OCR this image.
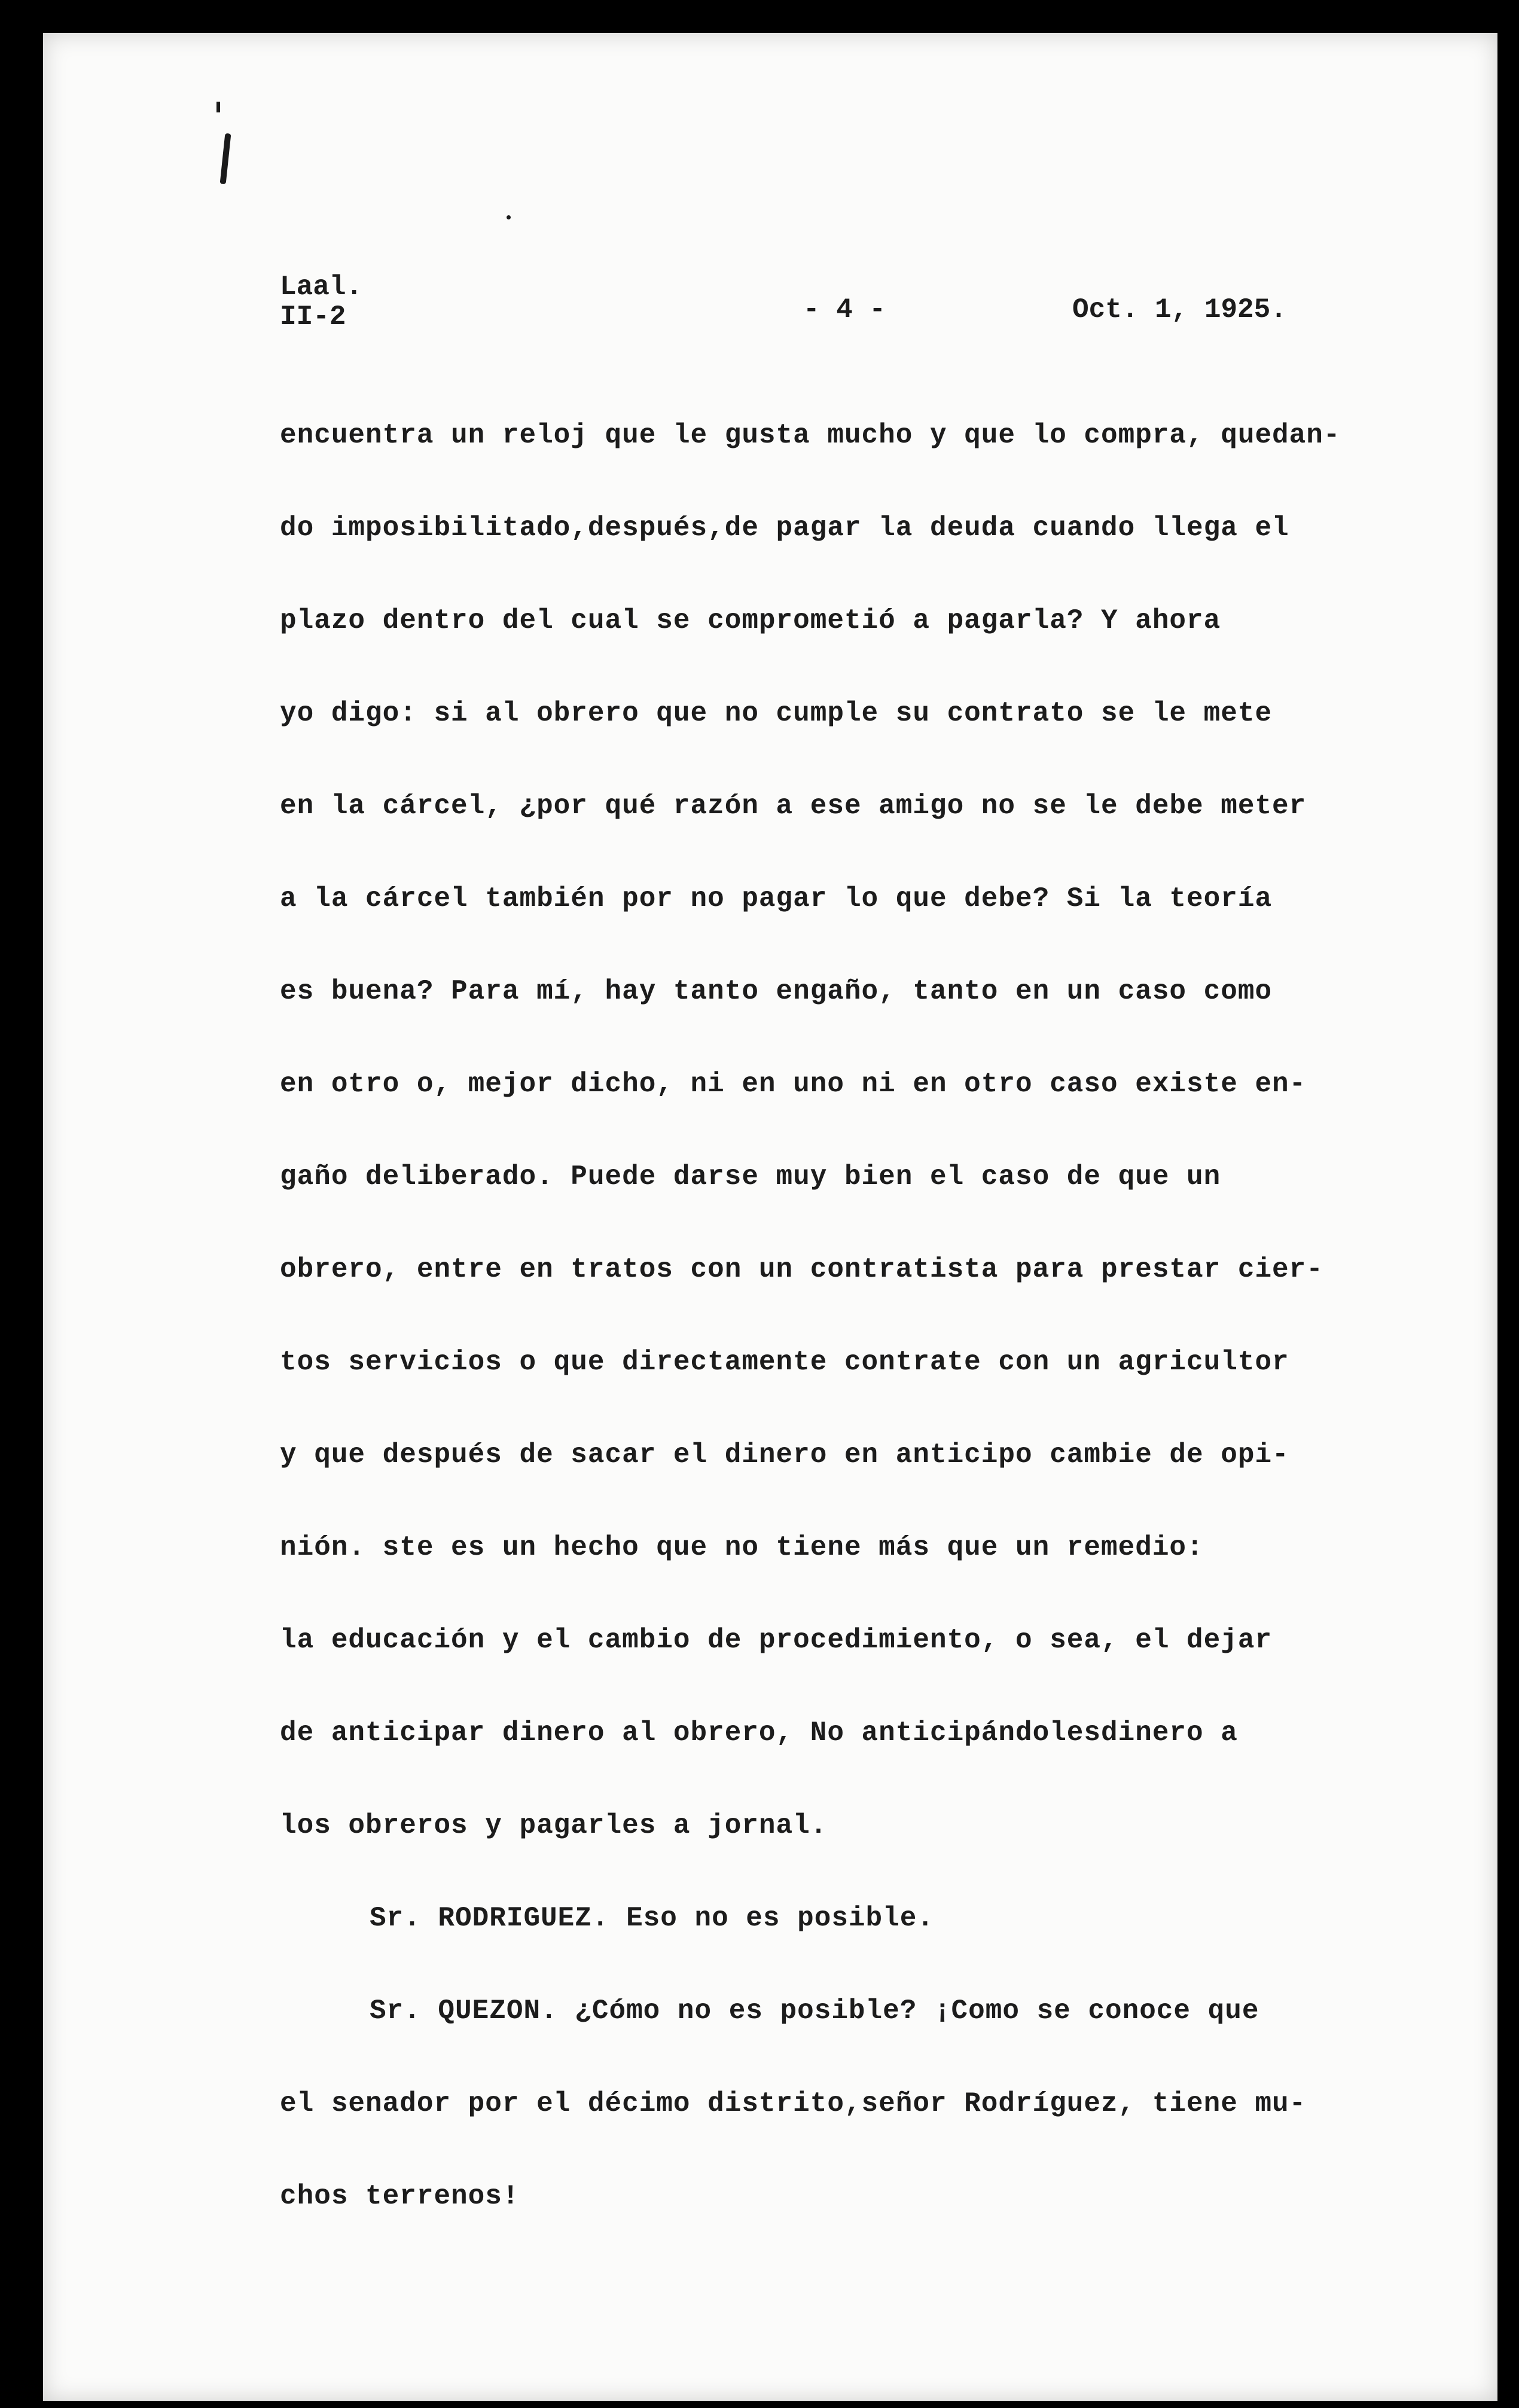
Laal.
II-2	- 4 -	Oct. 1, 1925.
encuentra un reloj que le gusta mucho y que lo compra, quedan-
do imposibilitado,después,de pagar la deuda cuando llega el
plazo dentro del cual se comprometió a pagarla? Y ahora
yo digo: si al obrero que no cumple su contrato se le mete
en la cárcel, ¿por qué razón a ese amigo no se le debe meter
a la cárcel también por no pagar lo que debe? Si la teoría
es buena? Para mí, hay tanto engaño, tanto en un caso como
en otro o, mejor dicho, ni en uno ni en otro caso existe en-
gaño deliberado. Puede darse muy bien el caso de que un
obrero, entre en tratos con un contratista para prestar cier-
tos servicios o que directamente contrate con un agricultor
y que después de sacar el dinero en anticipo cambie de opi-
nión. ste es un hecho que no tiene más que un remedio:
la educación y el cambio de procedimiento, o sea, el dejar
de anticipar dinero al obrero, No anticipándolesdinero a
los obreros y pagarles a jornal.
Sr. RODRIGUEZ. Eso no es posible.
Sr. QUEZON. ¿Cómo no es posible? ¡Como se conoce que
el senador por el décimo distrito,señor Rodríguez, tiene mu-
chos terrenos!
